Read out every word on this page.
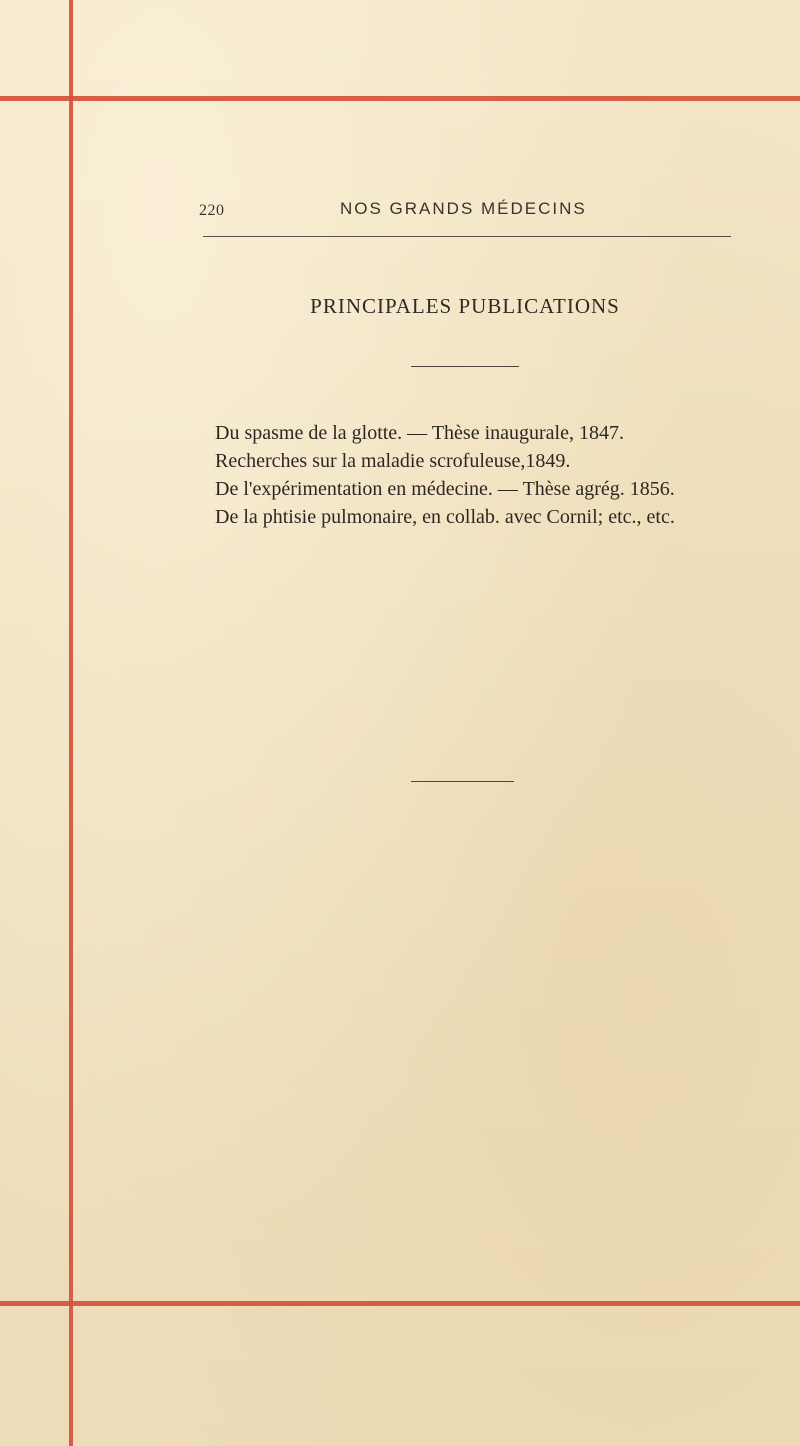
220	NOS GRANDS MÉDECINS
PRINCIPALES PUBLICATIONS
Du spasme de la glotte. — Thèse inaugurale, 1847.
Recherches sur la maladie scrofuleuse,1849.
De l'expérimentation en médecine. — Thèse agrég. 1856.
De la phtisie pulmonaire, en collab. avec Cornil; etc., etc.
